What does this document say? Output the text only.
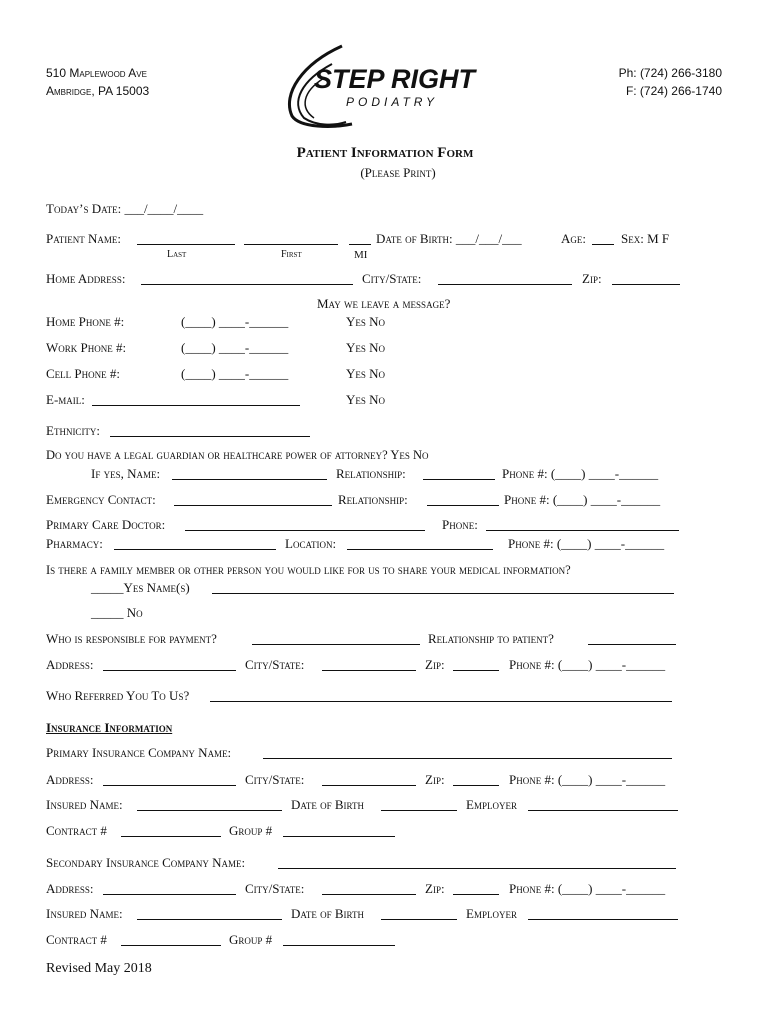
510 Maplewood Ave
Ambridge, PA 15003	STEP RIGHT
PODIATRY
Ph: (724) 266-3180
F: (724) 266-1740
Patient Information Form
(Please Print)
Today’s Date: ___/____/____
Patient Name:
Last	First	MI
Date of Birth: ___/___/___	Age:	Sex: M F
Home Address:	City/State:	Zip:
May we leave a message?
Home Phone #:	(____) ____-______	Yes No
Work Phone #:	(____) ____-______	Yes No
Cell Phone #:	(____) ____-______	Yes No
E-mail:	Yes No
Ethnicity:
Do you have a legal guardian or healthcare power of attorney? Yes No
If yes, Name:	Relationship:	Phone #: (____) ____-______
Emergency Contact:	Relationship:	Phone #: (____) ____-______
Primary Care Doctor:	Phone:
Pharmacy:	Location:	Phone #: (____) ____-______
Is there a family member or other person you would like for us to share your medical information?
_____Yes Name(s)
_____ No
Who is responsible for payment?	Relationship to patient?
Address:	City/State:	Zip:	Phone #: (____) ____-______
Who Referred You To Us?
Insurance Information
Primary Insurance Company Name:
Address:	City/State:	Zip:	Phone #: (____) ____-______
Insured Name:	Date of Birth	Employer
Contract #	Group #
Secondary Insurance Company Name:
Address:	City/State:	Zip:	Phone #: (____) ____-______
Insured Name:	Date of Birth	Employer
Contract #	Group #
Revised May 2018
